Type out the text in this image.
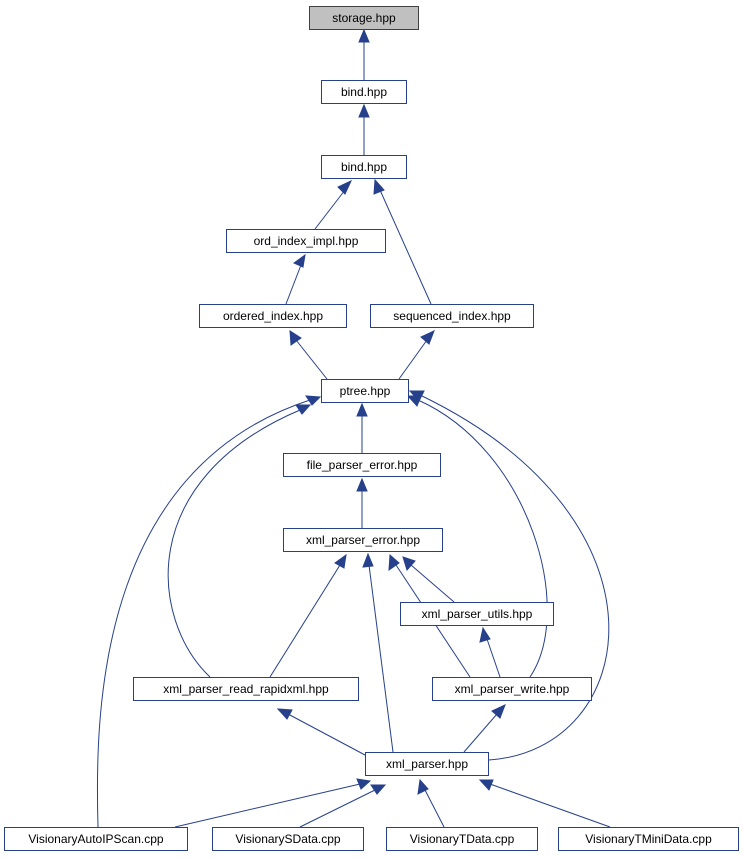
storage.hpp
bind.hpp
bind.hpp
ord_index_impl.hpp
ordered_index.hpp	sequenced_index.hpp
ptree.hpp
file_parser_error.hpp
xml_parser_error.hpp
xml_parser_utils.hpp
xml_parser_read_rapidxml.hpp	xml_parser_write.hpp
xml_parser.hpp
VisionaryAutoIPScan.cpp	VisionarySData.cpp	VisionaryTData.cpp	VisionaryTMiniData.cpp
